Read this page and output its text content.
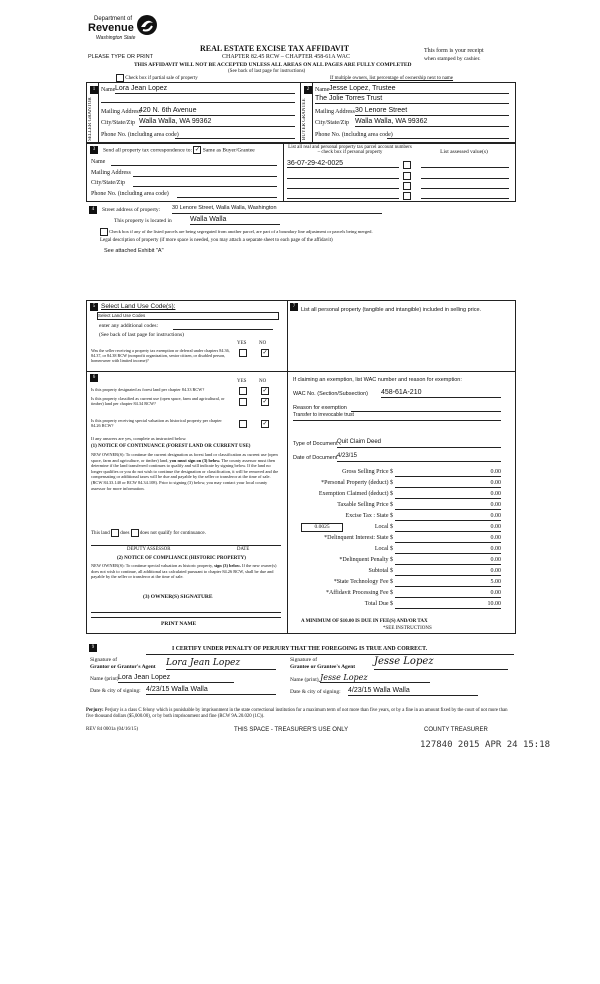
Department of
Revenue
Washington State
PLEASE TYPE OR PRINT
REAL ESTATE EXCISE TAX AFFIDAVIT
CHAPTER 82.45 RCW – CHAPTER 458-61A WAC
THIS AFFIDAVIT WILL NOT BE ACCEPTED UNLESS ALL AREAS ON ALL PAGES ARE FULLY COMPLETED
(See back of last page for instructions)
This form is your receipt
when stamped by cashier.
Check box if partial sale of property	If multiple owners, list percentage of ownership next to name
1
SELLER GRANTOR
Name Lora Jean Lopez
Mailing Address
420 N. 6th Avenue
City/State/Zip Walla Walla, WA 99362
Phone No. (including area code)
2
BUYER GRANTEE
Name Jesse Lopez, Trustee
The Jolie Torres Trust
Mailing Address 30 Lenore Street
City/State/Zip Walla Walla, WA 99362
Phone No. (including area code)
3	Send all property tax correspondence to: ✓ Same as Buyer/Grantee
Name
Mailing Address
City/State/Zip
Phone No. (including area code)
List all real and personal property tax parcel account numbers – check box if personal property	List assessed value(s)
36-07-29-42-0025
4	Street address of property: 30 Lenore Street, Walla Walla, Washington
This property is located in	Walla Walla
Check box if any of the listed parcels are being segregated from another parcel, are part of a boundary line adjustment or parcels being merged.
Legal description of property (if more space is needed, you may attach a separate sheet to each page of the affidavit)
See attached Exhibit "A"
5 Select Land Use Code(s):
Select Land Use Codes
enter any additional codes:
(See back of last page for instructions)
YES	NO
Was the seller receiving a property tax exemption or deferral under chapters 84.36, 84.37, or 84.38 RCW (nonprofit organization, senior citizen, or disabled person, homeowner with limited income)?
✓
7
List all personal property (tangible and intangible) included in selling price.
6
YES	NO
Is this property designated as forest land per chapter 84.33 RCW?	✓
Is this property classified as current use (open space, farm and agricultural, or timber) land per chapter 84.34 RCW?	✓
Is this property receiving special valuation as historical property per chapter 84.26 RCW?	✓
If any answers are yes, complete as instructed below.
(1) NOTICE OF CONTINUANCE (FOREST LAND OR CURRENT USE)
NEW OWNER(S): To continue the current designation as forest land or classification as current use (open space, farm and agriculture, or timber) land, you must sign on (3) below. The county assessor must then determine if the land transferred continues to qualify and will indicate by signing below. If the land no longer qualifies or you do not wish to continue the designation or classification, it will be removed and the compensating or additional taxes will be due and payable by the seller or transferor at the time of sale. (RCW 84.33.140 or RCW 84.34.108). Prior to signing (3) below, you may contact your local county assessor for more information.
This land does does not qualify for continuance.
DEPUTY ASSESSOR	DATE
(2) NOTICE OF COMPLIANCE (HISTORIC PROPERTY)
NEW OWNER(S): To continue special valuation as historic property, sign (3) below. If the new owner(s) does not wish to continue, all additional tax calculated pursuant to chapter 84.26 RCW, shall be due and payable by the seller or transferor at the time of sale.
(3) OWNER(S) SIGNATURE
PRINT NAME
If claiming an exemption, list WAC number and reason for exemption:
WAC No. (Section/Subsection) 458-61A-210
Reason for exemption
Transfer to irrevocable trust
Type of Document Quit Claim Deed
Date of Document 4/23/15
Gross Selling Price $	0.00
*Personal Property (deduct) $	0.00
Exemption Claimed (deduct) $	0.00
Taxable Selling Price $	0.00
Excise Tax : State $	0.00
0.0025	Local $	0.00
*Delinquent Interest: State $	0.00
Local $	0.00
*Delinquent Penalty $	0.00
Subtotal $	0.00
*State Technology Fee $	5.00
*Affidavit Processing Fee $	0.00
Total Due $	10.00
A MINIMUM OF $10.00 IS DUE IN FEE(S) AND/OR TAX
*SEE INSTRUCTIONS
9	I CERTIFY UNDER PENALTY OF PERJURY THAT THE FOREGOING IS TRUE AND CORRECT.
Signature of
Grantor or Grantor's Agent Lora Jean Lopez
Name (print) Lora Jean Lopez
Date & city of signing: 4/23/15 Walla Walla
Signature of
Grantee or Grantee's Agent Jesse Lopez
Name (print) Jesse Lopez
Date & city of signing: 4/23/15 Walla Walla
Perjury: Perjury is a class C felony which is punishable by imprisonment in the state correctional institution for a maximum term of not more than five years, or by a fine in an amount fixed by the court of not more than five thousand dollars ($5,000.00), or by both imprisonment and fine (RCW 9A.20.020 (1C)).
REV 84 0001a (04/16/15)	THIS SPACE - TREASURER'S USE ONLY	COUNTY TREASURER
127840 2015 APR 24 15:18
